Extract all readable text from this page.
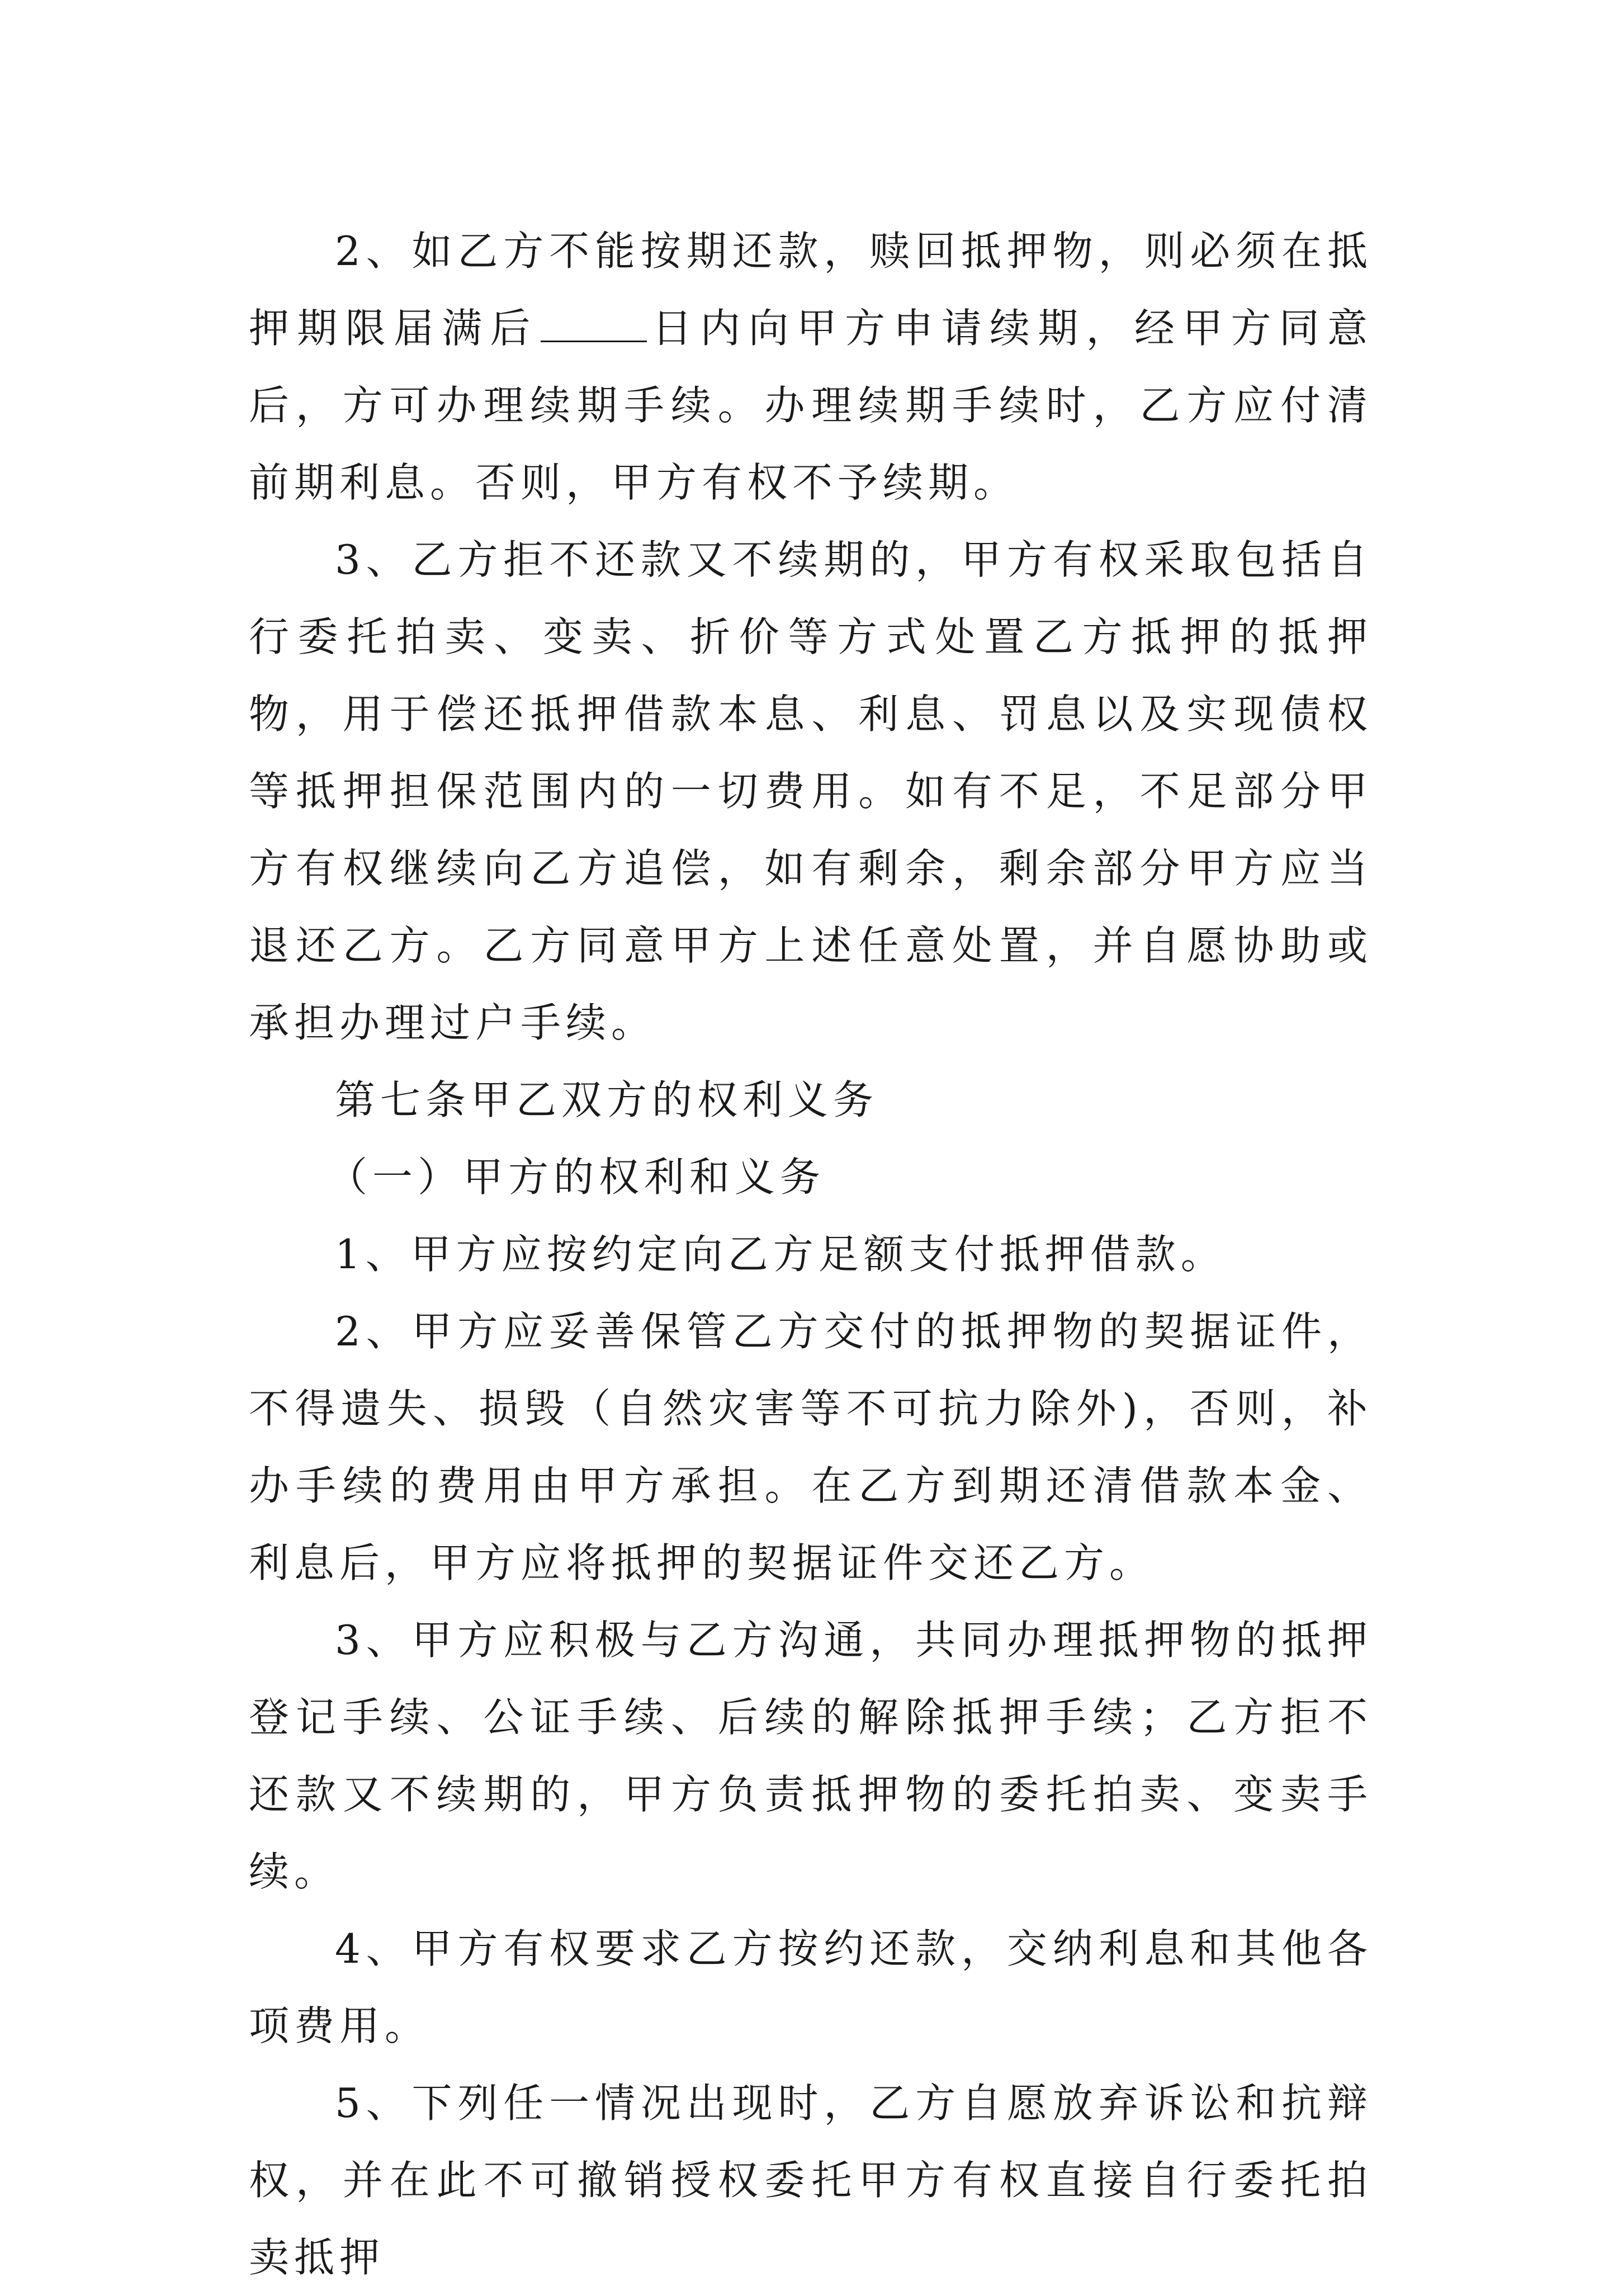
2、如乙方不能按期还款，赎回抵押物，则必须在抵押期限届满后	日内向甲方申请续期，经甲方同意后，方可办理续期手续。办理续期手续时，乙方应付清前期利息。否则，甲方有权不予续期。

3、乙方拒不还款又不续期的，甲方有权采取包括自行委托拍卖、变卖、折价等方式处置乙方抵押的抵押物，用于偿还抵押借款本息、利息、罚息以及实现债权等抵押担保范围内的一切费用。如有不足，不足部分甲方有权继续向乙方追偿，如有剩余，剩余部分甲方应当退还乙方。乙方同意甲方上述任意处置，并自愿协助或承担办理过户手续。

第七条甲乙双方的权利义务

（一）甲方的权利和义务

1、甲方应按约定向乙方足额支付抵押借款。

2、甲方应妥善保管乙方交付的抵押物的契据证件，不得遗失、损毁（自然灾害等不可抗力除外)，否则，补办手续的费用由甲方承担。在乙方到期还清借款本金、利息后，甲方应将抵押的契据证件交还乙方。

3、甲方应积极与乙方沟通，共同办理抵押物的抵押登记手续、公证手续、后续的解除抵押手续；乙方拒不还款又不续期的，甲方负责抵押物的委托拍卖、变卖手续。

4、甲方有权要求乙方按约还款，交纳利息和其他各项费用。

5、下列任一情况出现时，乙方自愿放弃诉讼和抗辩权，并在此不可撤销授权委托甲方有权直接自行委托拍卖抵押
